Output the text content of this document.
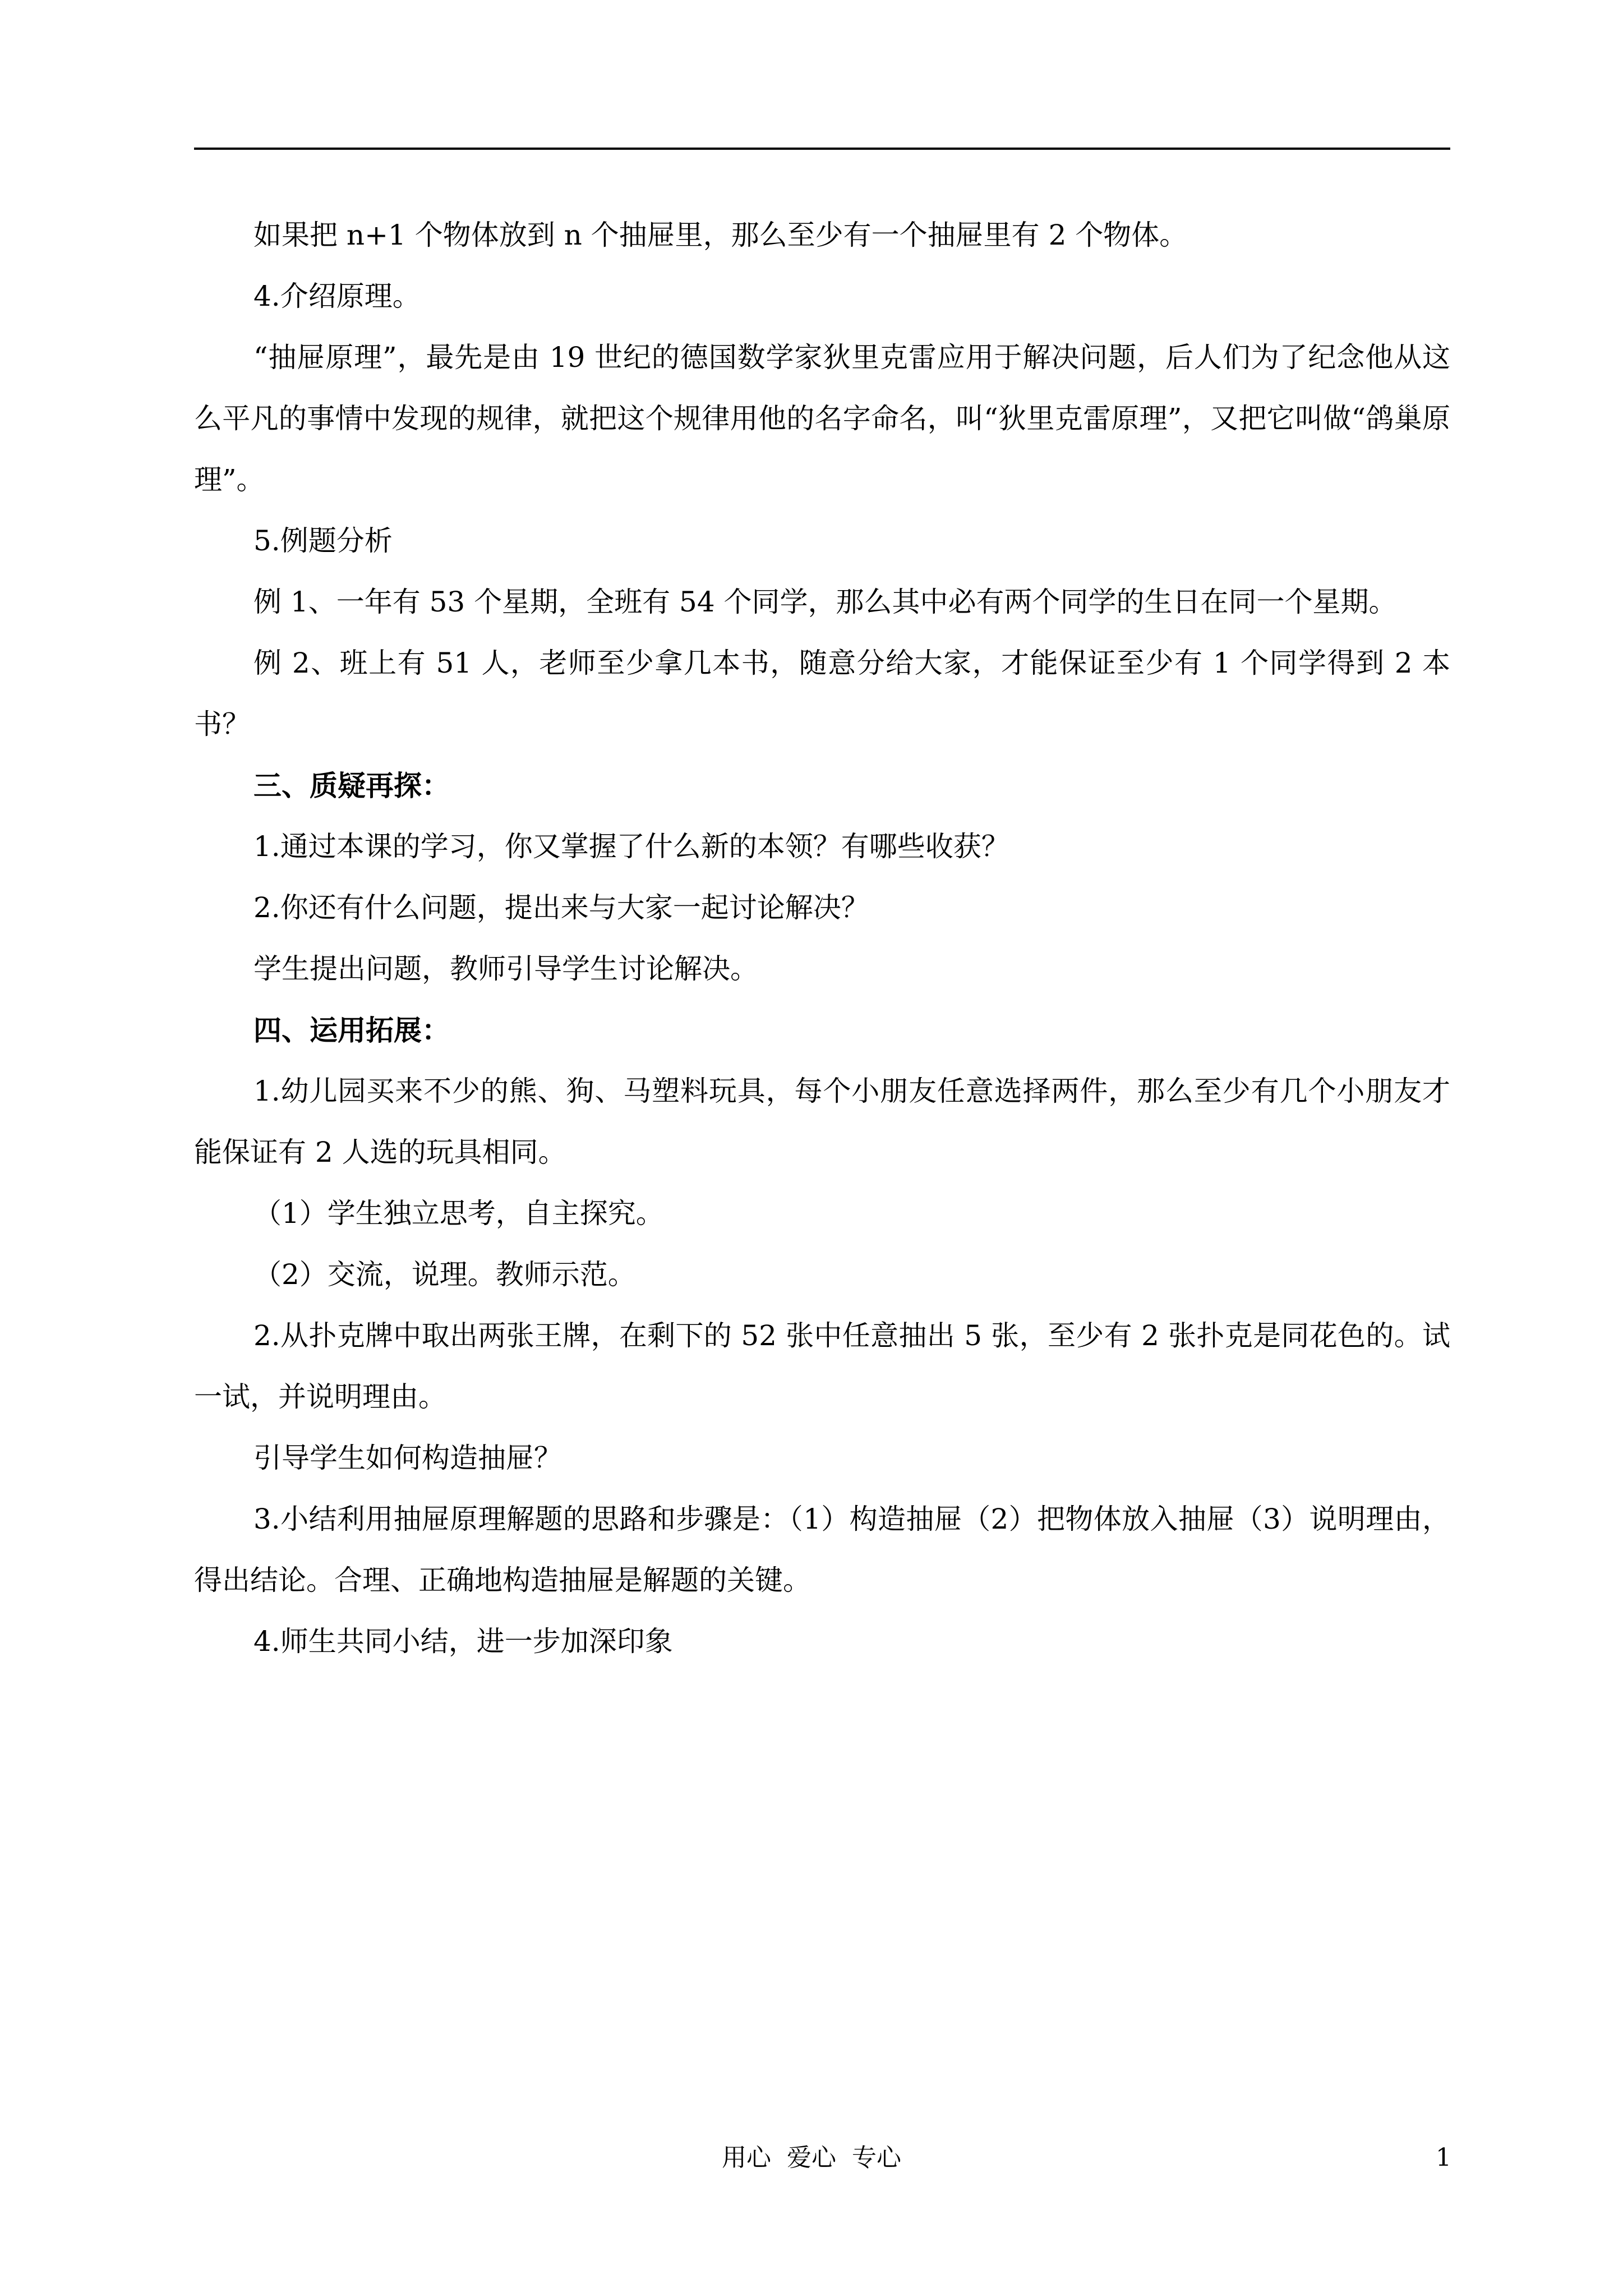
如果把 n+1 个物体放到 n 个抽屉里，那么至少有一个抽屉里有 2 个物体。

4.介绍原理。

“抽屉原理”，最先是由 19 世纪的德国数学家狄里克雷应用于解决问题，后人们为了纪念他从这么平凡的事情中发现的规律，就把这个规律用他的名字命名，叫“狄里克雷原理”，又把它叫做“鸽巢原理”。

5.例题分析

例 1、一年有 53 个星期，全班有 54 个同学，那么其中必有两个同学的生日在同一个星期。

例 2、班上有 51 人，老师至少拿几本书，随意分给大家，才能保证至少有 1 个同学得到 2 本书？

三、质疑再探：

1.通过本课的学习，你又掌握了什么新的本领？有哪些收获？

2.你还有什么问题，提出来与大家一起讨论解决？

学生提出问题，教师引导学生讨论解决。

四、运用拓展：

1.幼儿园买来不少的熊、狗、马塑料玩具，每个小朋友任意选择两件，那么至少有几个小朋友才能保证有 2 人选的玩具相同。

（1）学生独立思考，自主探究。

（2）交流，说理。教师示范。

2.从扑克牌中取出两张王牌，在剩下的 52 张中任意抽出 5 张，至少有 2 张扑克是同花色的。试一试，并说明理由。

引导学生如何构造抽屉？

3.小结利用抽屉原理解题的思路和步骤是：（1）构造抽屉（2）把物体放入抽屉（3）说明理由，得出结论。合理、正确地构造抽屉是解题的关键。

4.师生共同小结，进一步加深印象

用心 爱心 专心	1
